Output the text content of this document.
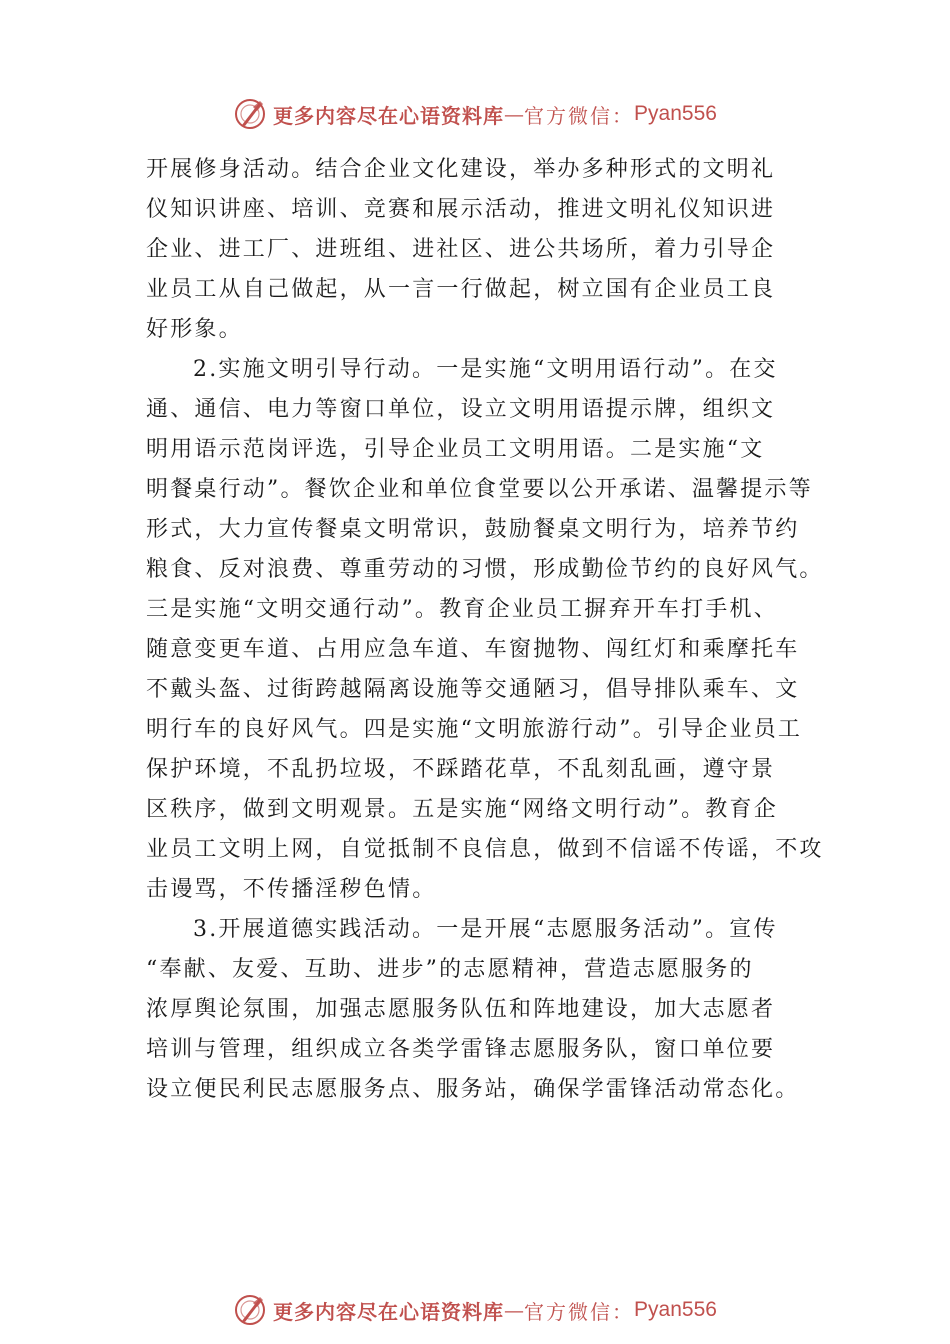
更多内容尽在心语资料库 — 官方微信： Pyan556
开展修身活动。结合企业文化建设，举办多种形式的文明礼
仪知识讲座、培训、竞赛和展示活动，推进文明礼仪知识进
企业、进工厂、进班组、进社区、进公共场所，着力引导企
业员工从自己做起，从一言一行做起，树立国有企业员工良
好形象。
2.实施文明引导行动。一是实施“文明用语行动”。在交
通、通信、电力等窗口单位，设立文明用语提示牌，组织文
明用语示范岗评选，引导企业员工文明用语。二是实施“文
明餐桌行动”。餐饮企业和单位食堂要以公开承诺、温馨提示等
形式，大力宣传餐桌文明常识，鼓励餐桌文明行为，培养节约
粮食、反对浪费、尊重劳动的习惯，形成勤俭节约的良好风气。
三是实施“文明交通行动”。教育企业员工摒弃开车打手机、
随意变更车道、占用应急车道、车窗抛物、闯红灯和乘摩托车
不戴头盔、过街跨越隔离设施等交通陋习，倡导排队乘车、文
明行车的良好风气。四是实施“文明旅游行动”。引导企业员工
保护环境，不乱扔垃圾，不踩踏花草，不乱刻乱画，遵守景
区秩序，做到文明观景。五是实施“网络文明行动”。教育企
业员工文明上网，自觉抵制不良信息，做到不信谣不传谣，不攻
击谩骂，不传播淫秽色情。
3.开展道德实践活动。一是开展“志愿服务活动”。宣传
“奉献、友爱、互助、进步”的志愿精神，营造志愿服务的
浓厚舆论氛围，加强志愿服务队伍和阵地建设，加大志愿者
培训与管理，组织成立各类学雷锋志愿服务队，窗口单位要
设立便民利民志愿服务点、服务站，确保学雷锋活动常态化。
更多内容尽在心语资料库 — 官方微信： Pyan556
